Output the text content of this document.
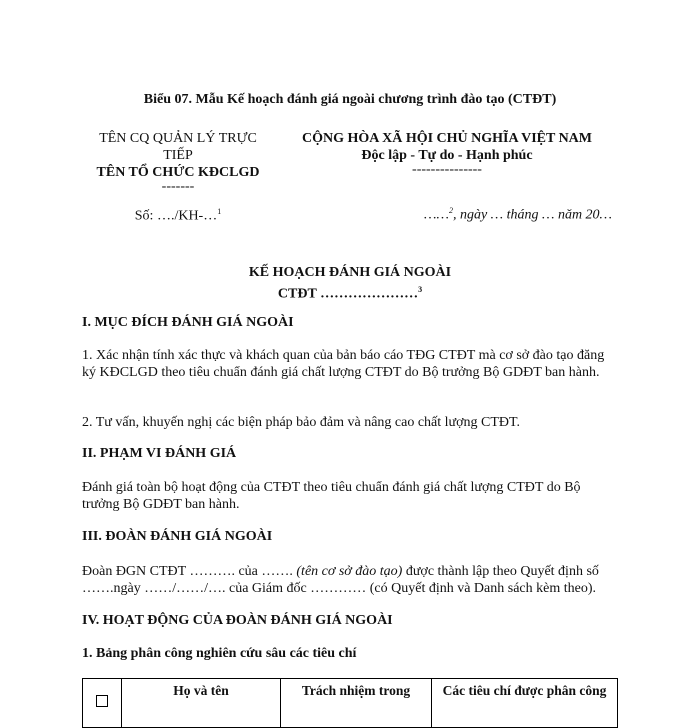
Biểu 07. Mẫu Kế hoạch đánh giá ngoài chương trình đào tạo (CTĐT)
TÊN CQ QUẢN LÝ TRỰC
TIẾP
TÊN TỔ CHỨC KĐCLGD
-------
Số: …./KH-…$^1$
CỘNG HÒA XÃ HỘI CHỦ NGHĨA VIỆT NAM
Độc lập - Tự do - Hạnh phúc
---------------
……$^2$, ngày … tháng … năm 20…
KẾ HOẠCH ĐÁNH GIÁ NGOÀI
CTĐT …………………$^3$
I. MỤC ĐÍCH ĐÁNH GIÁ NGOÀI
1. Xác nhận tính xác thực và khách quan của bản báo cáo TĐG CTĐT mà cơ sở đào tạo đăng ký KĐCLGD theo tiêu chuẩn đánh giá chất lượng CTĐT do Bộ trưởng Bộ GDĐT ban hành.
2. Tư vấn, khuyến nghị các biện pháp bảo đảm và nâng cao chất lượng CTĐT.
II. PHẠM VI ĐÁNH GIÁ
Đánh giá toàn bộ hoạt động của CTĐT theo tiêu chuẩn đánh giá chất lượng CTĐT do Bộ trưởng Bộ GDĐT ban hành.
III. ĐOÀN ĐÁNH GIÁ NGOÀI
Đoàn ĐGN CTĐT ………. của ……. (tên cơ sở đào tạo) được thành lập theo Quyết định số …….ngày ……/……/…. của Giám đốc ………… (có Quyết định và Danh sách kèm theo).
IV. HOẠT ĐỘNG CỦA ĐOÀN ĐÁNH GIÁ NGOÀI
1. Bảng phân công nghiên cứu sâu các tiêu chí
	Họ và tên	Trách nhiệm trong	Các tiêu chí được phân công
